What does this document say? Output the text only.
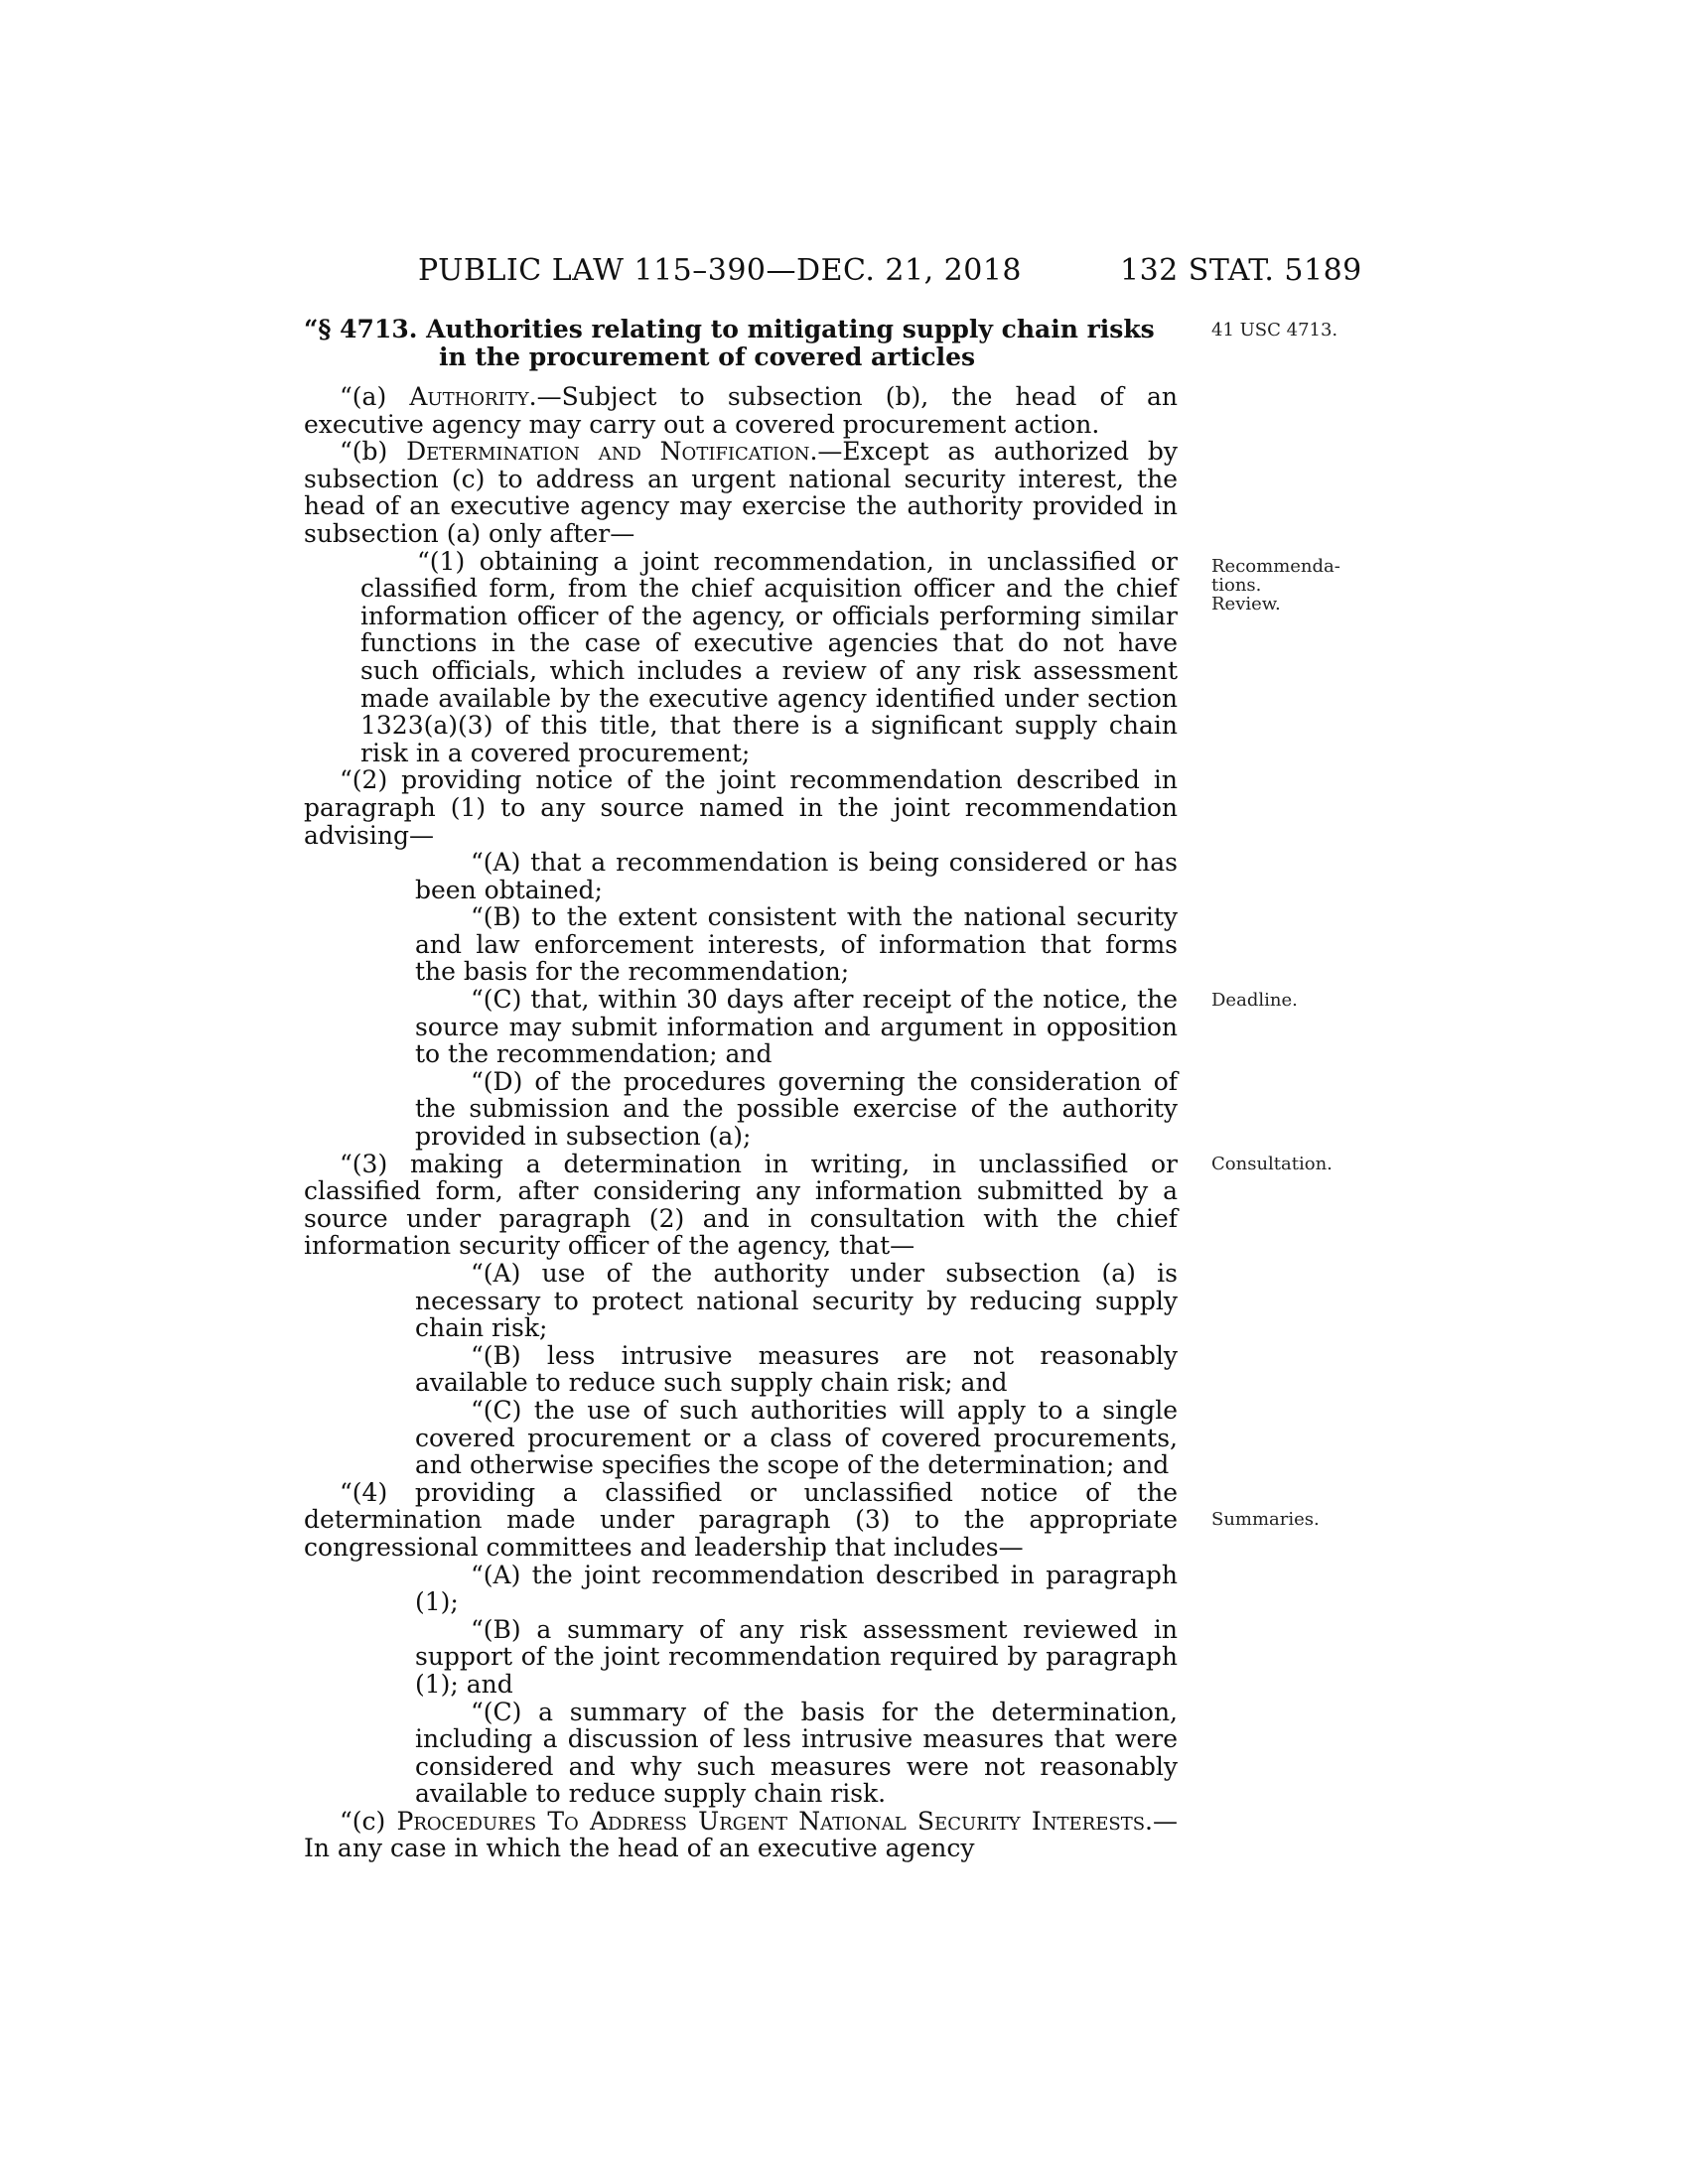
PUBLIC LAW 115–390—DEC. 21, 2018	132 STAT. 5189
“§ 4713. Authorities relating to mitigating supply chain risks
in the procurement of covered articles
41 USC 4713.
Recommenda-
tions.
Review.
Deadline.
Consultation.
Summaries.

“(a) Authority.—Subject to subsection (b), the head of an executive agency may carry out a covered procurement action.

“(b) Determination and Notification.—Except as authorized by subsection (c) to address an urgent national security interest, the head of an executive agency may exercise the authority provided in subsection (a) only after—

“(1) obtaining a joint recommendation, in unclassified or classified form, from the chief acquisition officer and the chief information officer of the agency, or officials performing similar functions in the case of executive agencies that do not have such officials, which includes a review of any risk assessment made available by the executive agency identified under section 1323(a)(3) of this title, that there is a significant supply chain risk in a covered procurement;

“(2) providing notice of the joint recommendation described in paragraph (1) to any source named in the joint recommendation advising—

“(A) that a recommendation is being considered or has been obtained;

“(B) to the extent consistent with the national security and law enforcement interests, of information that forms the basis for the recommendation;

“(C) that, within 30 days after receipt of the notice, the source may submit information and argument in opposition to the recommendation; and

“(D) of the procedures governing the consideration of the submission and the possible exercise of the authority provided in subsection (a);

“(3) making a determination in writing, in unclassified or classified form, after considering any information submitted by a source under paragraph (2) and in consultation with the chief information security officer of the agency, that—

“(A) use of the authority under subsection (a) is necessary to protect national security by reducing supply chain risk;

“(B) less intrusive measures are not reasonably available to reduce such supply chain risk; and

“(C) the use of such authorities will apply to a single covered procurement or a class of covered procurements, and otherwise specifies the scope of the determination; and

“(4) providing a classified or unclassified notice of the determination made under paragraph (3) to the appropriate congressional committees and leadership that includes—

“(A) the joint recommendation described in paragraph (1);

“(B) a summary of any risk assessment reviewed in support of the joint recommendation required by paragraph (1); and

“(C) a summary of the basis for the determination, including a discussion of less intrusive measures that were considered and why such measures were not reasonably available to reduce supply chain risk.

“(c) Procedures To Address Urgent National Security Interests.—In any case in which the head of an executive agency
